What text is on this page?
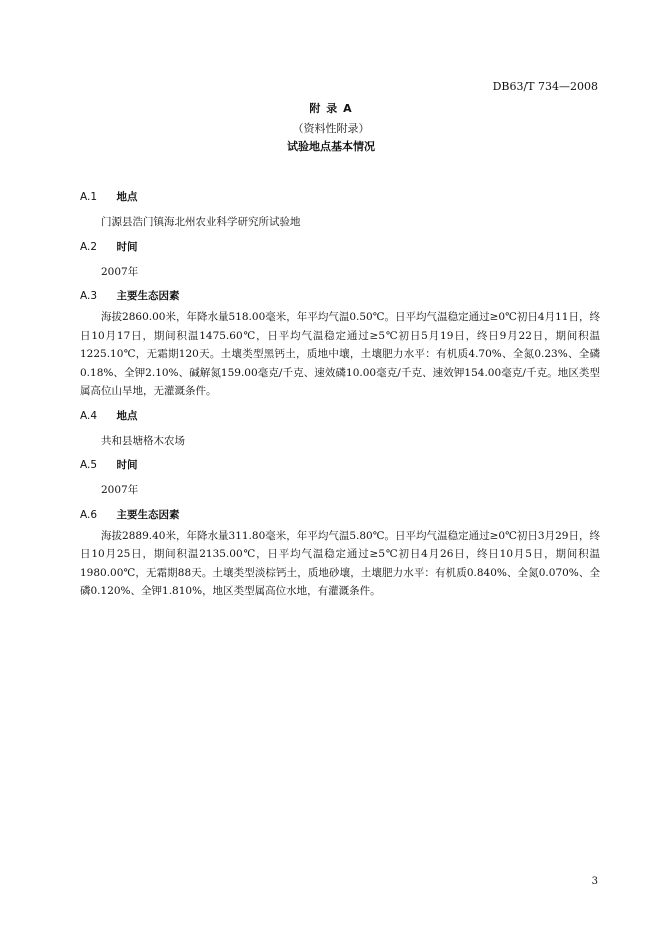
DB63/T 734—2008
附 录 A
（资料性附录）
试验地点基本情况

A.1  地点

门源县浩门镇海北州农业科学研究所试验地

A.2  时间

2007年

A.3  主要生态因素

海拔2860.00米，年降水量518.00毫米，年平均气温0.50℃。日平均气温稳定通过≥0℃初日4月11日，终日10月17日，期间积温1475.60℃，日平均气温稳定通过≥5℃初日5月19日，终日9月22日，期间积温1225.10℃，无霜期120天。土壤类型黑钙土，质地中壤，土壤肥力水平：有机质4.70%、全氮0.23%、全磷0.18%、全钾2.10%、碱解氮159.00毫克/千克、速效磷10.00毫克/千克、速效钾154.00毫克/千克。地区类型属高位山旱地，无灌溉条件。

A.4  地点

共和县塘格木农场

A.5  时间

2007年

A.6  主要生态因素

海拔2889.40米，年降水量311.80毫米，年平均气温5.80℃。日平均气温稳定通过≥0℃初日3月29日，终日10月25日，期间积温2135.00℃，日平均气温稳定通过≥5℃初日4月26日，终日10月5日，期间积温1980.00℃，无霜期88天。土壤类型淡棕钙土，质地砂壤，土壤肥力水平：有机质0.840%、全氮0.070%、全磷0.120%、全钾1.810%，地区类型属高位水地，有灌溉条件。

3
